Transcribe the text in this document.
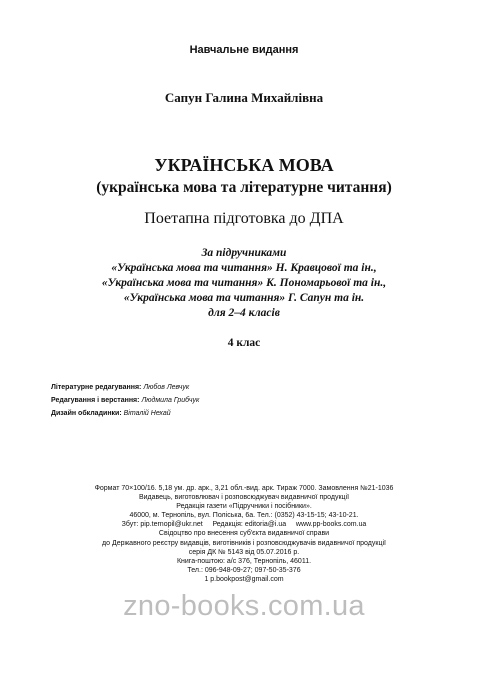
Навчальне видання
Сапун Галина Михайлівна
УКРАЇНСЬКА МОВА
(українська мова та літературне читання)
Поетапна підготовка до ДПА
За підручниками
«Українська мова та читання» Н. Кравцової та ін.,
«Українська мова та читання» К. Пономарьової та ін.,
«Українська мова та читання» Г. Сапун та ін.
для 2–4 класів
4 клас
Літературне редагування: Любов Левчук
Редагування і верстання: Людмила Грибчук
Дизайн обкладинки: Віталій Нехай
Формат 70×100/16. 5,18 ум. др. арк., 3,21 обл.-вид. арк. Тираж 7000. Замовлення №21-1036
Видавець, виготовлювач і розповсюджувач видавничої продукції
Редакція газети «Підручники і посібники».
46000, м. Тернопіль, вул. Поліська, 6а. Тел.: (0352) 43-15-15; 43-10-21.
Збут: pip.ternopil@ukr.net     Редакція: editoria@i.ua     www.pp-books.com.ua
Свідоцтво про внесення суб'єкта видавничої справи
до Державного реєстру видавців, виготівників і розповсюджувачів видавничої продукції
серія ДК № 5143 від 05.07.2016 р.
Книга-поштою: а/с 376, Тернопіль, 46011.
Тел.: 096-948-09-27; 097-50-35-376
1 p.bookpost@gmail.com
zno-books.com.ua
